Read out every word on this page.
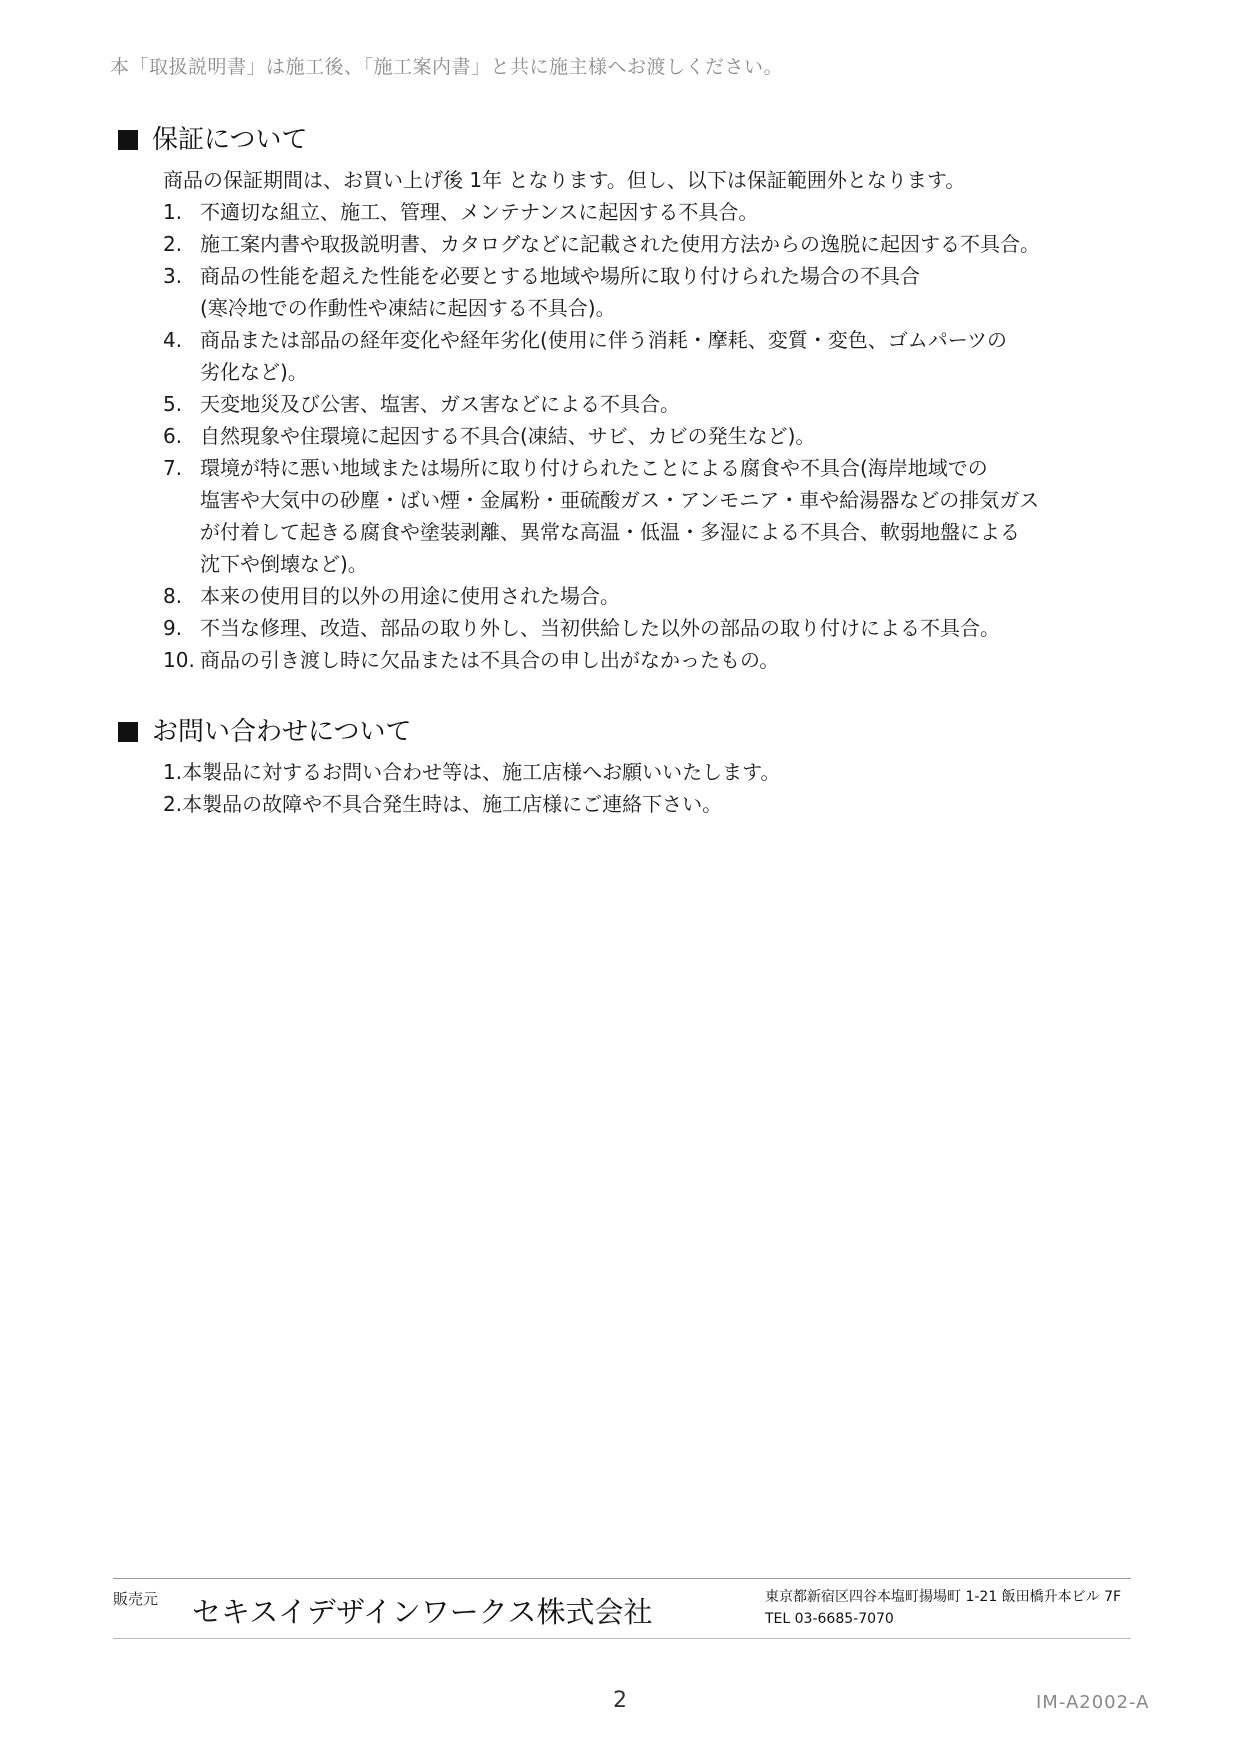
本「取扱説明書」は施工後、「施工案内書」と共に施主様へお渡しください。
保証について
商品の保証期間は、お買い上げ後 1年 となります。但し、以下は保証範囲外となります。
1. 不適切な組立、施工、管理、メンテナンスに起因する不具合。
2. 施工案内書や取扱説明書、カタログなどに記載された使用方法からの逸脱に起因する不具合。
3. 商品の性能を超えた性能を必要とする地域や場所に取り付けられた場合の不具合
(寒冷地での作動性や凍結に起因する不具合)。
4. 商品または部品の経年変化や経年劣化(使用に伴う消耗・摩耗、変質・変色、ゴムパーツの
劣化など)。
5. 天変地災及び公害、塩害、ガス害などによる不具合。
6. 自然現象や住環境に起因する不具合(凍結、サビ、カビの発生など)。
7. 環境が特に悪い地域または場所に取り付けられたことによる腐食や不具合(海岸地域での
塩害や大気中の砂塵・ばい煙・金属粉・亜硫酸ガス・アンモニア・車や給湯器などの排気ガス
が付着して起きる腐食や塗装剥離、異常な高温・低温・多湿による不具合、軟弱地盤による
沈下や倒壊など)。
8. 本来の使用目的以外の用途に使用された場合。
9. 不当な修理、改造、部品の取り外し、当初供給した以外の部品の取り付けによる不具合。
10. 商品の引き渡し時に欠品または不具合の申し出がなかったもの。
お問い合わせについて
1.本製品に対するお問い合わせ等は、施工店様へお願いいたします。
2.本製品の故障や不具合発生時は、施工店様にご連絡下さい。
販売元 セキスイデザインワークス株式会社	東京都新宿区四谷本塩町揚場町 1-21 飯田橋升本ビル 7F
TEL 03-6685-7070
2	IM-A2002-A
